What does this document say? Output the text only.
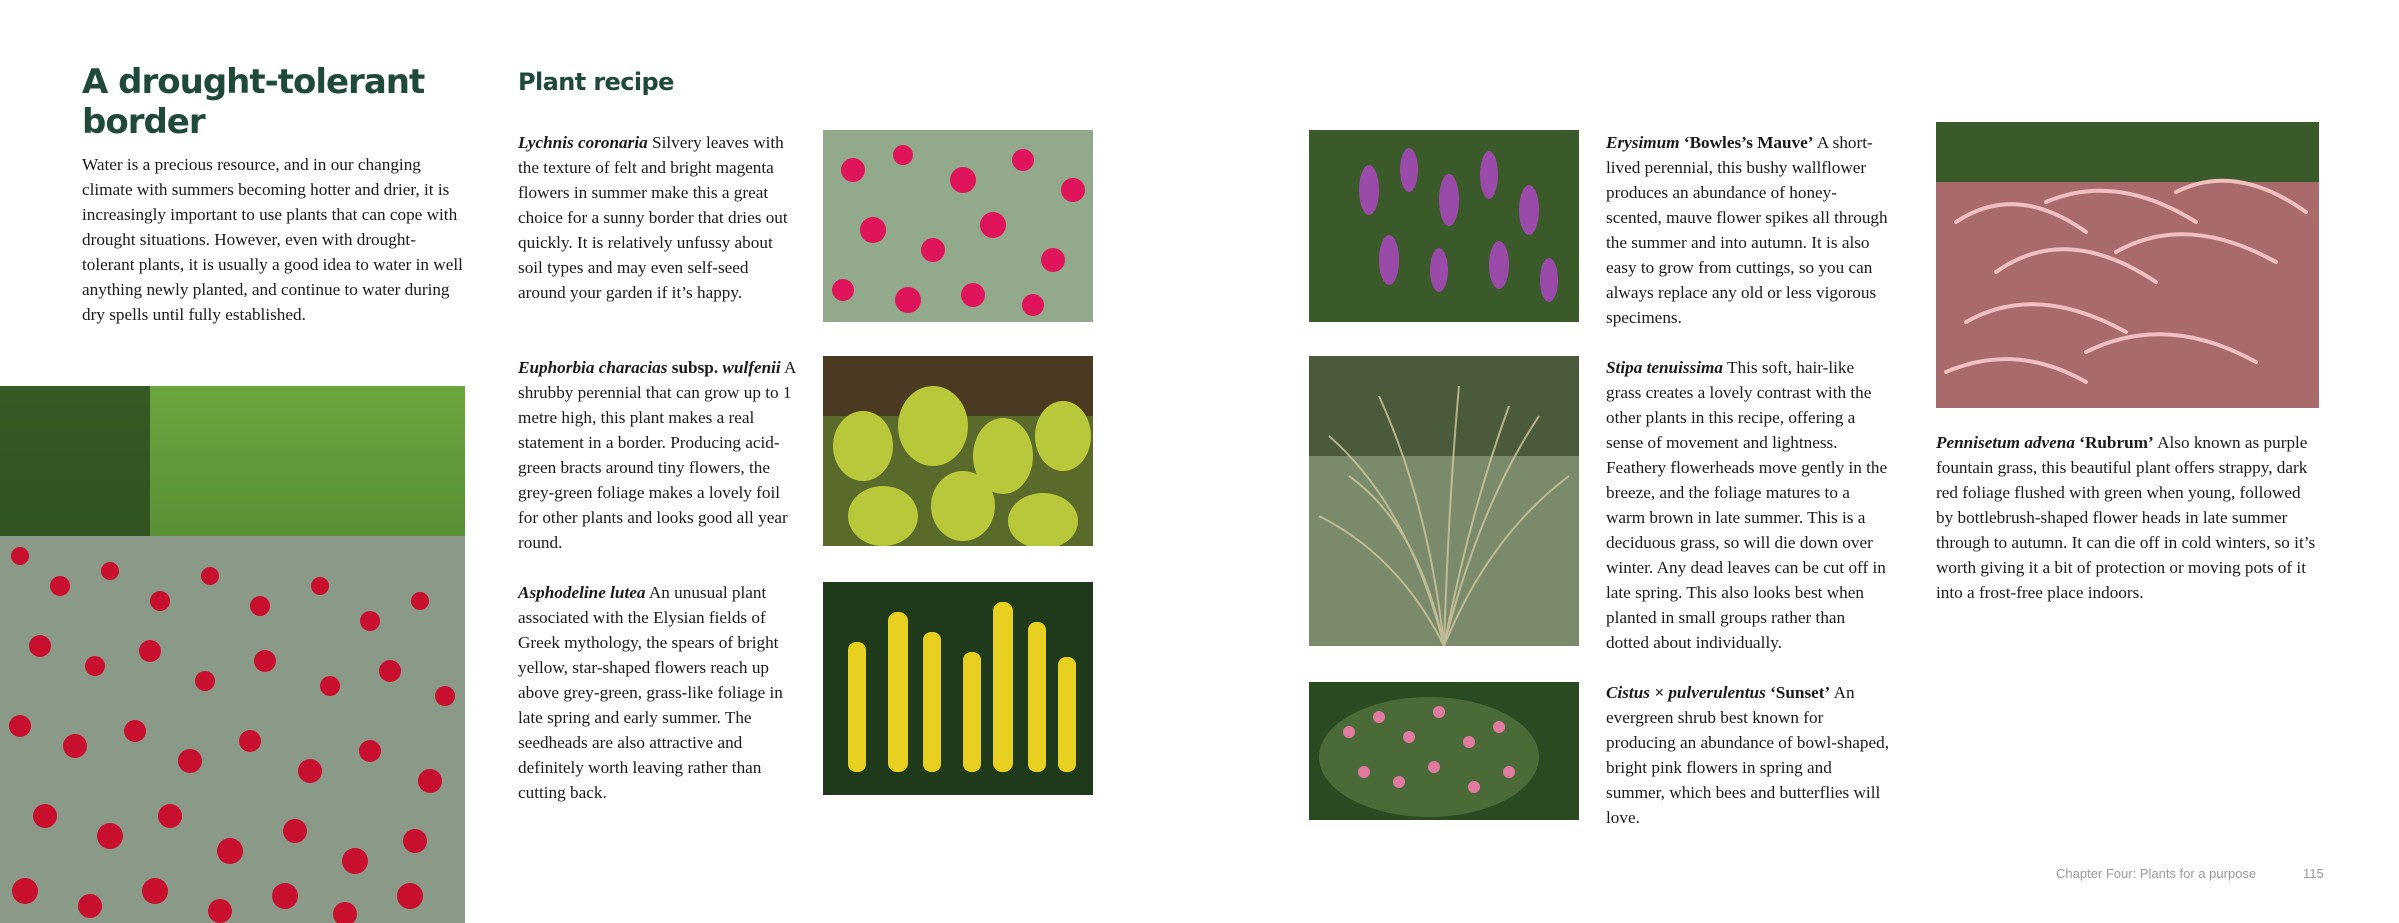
A drought-tolerant border
Water is a precious resource, and in our changing climate with summers becoming hotter and drier, it is increasingly important to use plants that can cope with drought situations. However, even with drought-tolerant plants, it is usually a good idea to water in well anything newly planted, and continue to water during dry spells until fully established.
Plant recipe
Lychnis coronaria Silvery leaves with the texture of felt and bright magenta flowers in summer make this a great choice for a sunny border that dries out quickly. It is relatively unfussy about soil types and may even self-seed around your garden if it’s happy.
Euphorbia characias subsp. wulfenii A shrubby perennial that can grow up to 1 metre high, this plant makes a real statement in a border. Producing acid-green bracts around tiny flowers, the grey-green foliage makes a lovely foil for other plants and looks good all year round.
Asphodeline lutea An unusual plant associated with the Elysian fields of Greek mythology, the spears of bright yellow, star-shaped flowers reach up above grey-green, grass-like foliage in late spring and early summer. The seedheads are also attractive and definitely worth leaving rather than cutting back.
Erysimum ‘Bowles’s Mauve’ A short-lived perennial, this bushy wallflower produces an abundance of honey-scented, mauve flower spikes all through the summer and into autumn. It is also easy to grow from cuttings, so you can always replace any old or less vigorous specimens.
Stipa tenuissima This soft, hair-like grass creates a lovely contrast with the other plants in this recipe, offering a sense of movement and lightness. Feathery flowerheads move gently in the breeze, and the foliage matures to a warm brown in late summer. This is a deciduous grass, so will die down over winter. Any dead leaves can be cut off in late spring. This also looks best when planted in small groups rather than dotted about individually.
Cistus × pulverulentus ‘Sunset’ An evergreen shrub best known for producing an abundance of bowl-shaped, bright pink flowers in spring and summer, which bees and butterflies will love.
Pennisetum advena ‘Rubrum’ Also known as purple fountain grass, this beautiful plant offers strappy, dark red foliage flushed with green when young, followed by bottlebrush-shaped flower heads in late summer through to autumn. It can die off in cold winters, so it’s worth giving it a bit of protection or moving pots of it into a frost-free place indoors.
Chapter Four: Plants for a purpose	115
